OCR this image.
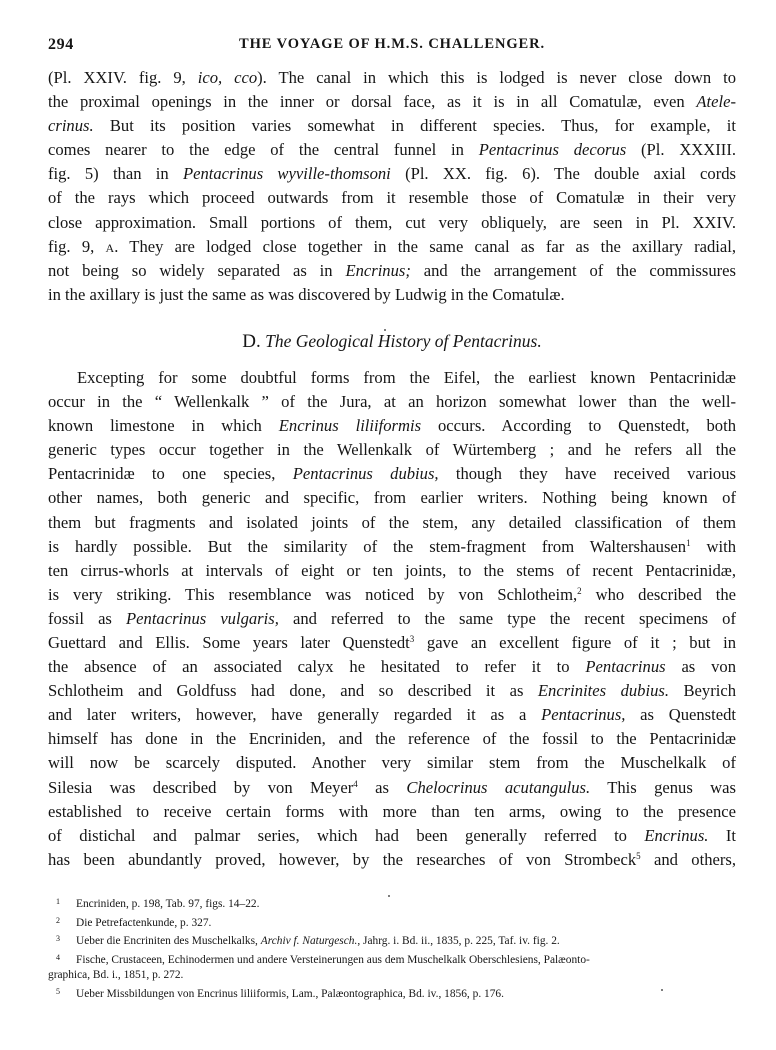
294	THE VOYAGE OF H.M.S. CHALLENGER.
(Pl. XXIV. fig. 9, ico, cco). The canal in which this is lodged is never close down to
the proximal openings in the inner or dorsal face, as it is in all Comatulæ, even Atele-
crinus. But its position varies somewhat in different species. Thus, for example, it
comes nearer to the edge of the central funnel in Pentacrinus decorus (Pl. XXXIII.
fig. 5) than in Pentacrinus wyville-thomsoni (Pl. XX. fig. 6). The double axial cords
of the rays which proceed outwards from it resemble those of Comatulæ in their very
close approximation. Small portions of them, cut very obliquely, are seen in Pl. XXIV.
fig. 9, a. They are lodged close together in the same canal as far as the axillary radial,
not being so widely separated as in Encrinus; and the arrangement of the commissures
in the axillary is just the same as was discovered by Ludwig in the Comatulæ.
D. The Geological History of Pentacrinus.
Excepting for some doubtful forms from the Eifel, the earliest known Pentacrinidæ
occur in the “ Wellenkalk ” of the Jura, at an horizon somewhat lower than the well-
known limestone in which Encrinus liliiformis occurs. According to Quenstedt, both
generic types occur together in the Wellenkalk of Würtemberg ; and he refers all the
Pentacrinidæ to one species, Pentacrinus dubius, though they have received various
other names, both generic and specific, from earlier writers. Nothing being known of
them but fragments and isolated joints of the stem, any detailed classification of them
is hardly possible. But the similarity of the stem-fragment from Waltershausen$^1$ with
ten cirrus-whorls at intervals of eight or ten joints, to the stems of recent Pentacrinidæ,
is very striking. This resemblance was noticed by von Schlotheim,$^2$ who described the
fossil as Pentacrinus vulgaris, and referred to the same type the recent specimens of
Guettard and Ellis. Some years later Quenstedt$^3$ gave an excellent figure of it ; but in
the absence of an associated calyx he hesitated to refer it to Pentacrinus as von
Schlotheim and Goldfuss had done, and so described it as Encrinites dubius. Beyrich
and later writers, however, have generally regarded it as a Pentacrinus, as Quenstedt
himself has done in the Encriniden, and the reference of the fossil to the Pentacrinidæ
will now be scarcely disputed. Another very similar stem from the Muschelkalk of
Silesia was described by von Meyer$^4$ as Chelocrinus acutangulus. This genus was
established to receive certain forms with more than ten arms, owing to the presence
of distichal and palmar series, which had been generally referred to Encrinus. It
has been abundantly proved, however, by the researches of von Strombeck$^5$ and others,
1 Encriniden, p. 198, Tab. 97, figs. 14–22.
2 Die Petrefactenkunde, p. 327.
3 Ueber die Encriniten des Muschelkalks, Archiv f. Naturgesch., Jahrg. i. Bd. ii., 1835, p. 225, Taf. iv. fig. 2.
4 Fische, Crustaceen, Echinodermen und andere Versteinerungen aus dem Muschelkalk Oberschlesiens, Palæonto-
graphica, Bd. i., 1851, p. 272.
5 Ueber Missbildungen von Encrinus liliiformis, Lam., Palæontographica, Bd. iv., 1856, p. 176.
